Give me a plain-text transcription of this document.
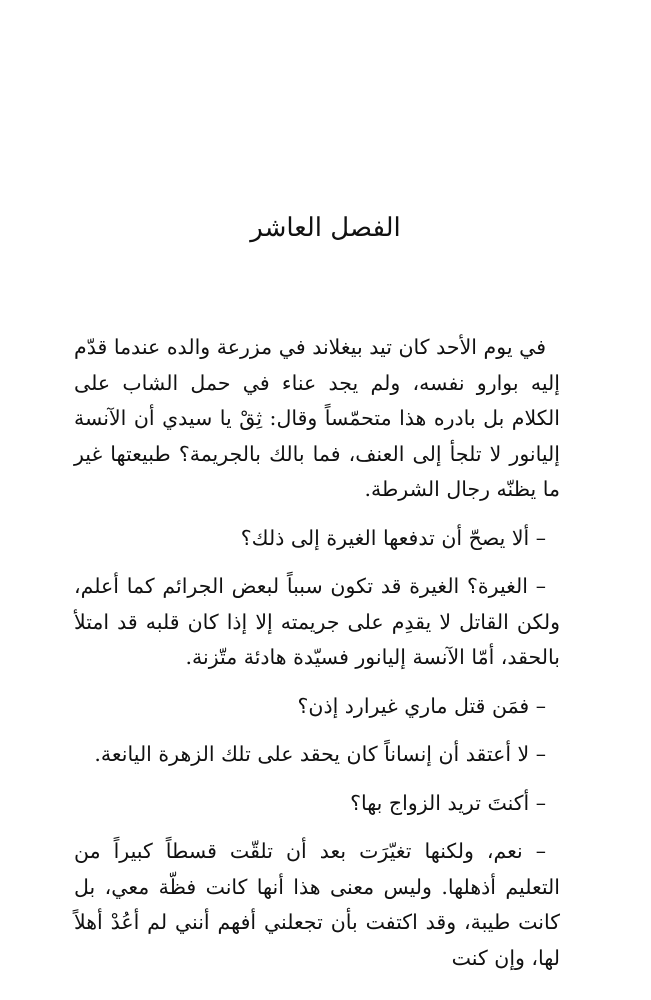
الفصل العاشر

في يوم الأحد كان تيد بيغلاند في مزرعة والده عندما قدّم إليه بوارو نفسه، ولم يجد عناء في حمل الشاب على الكلام بل بادره هذا متحمّساً وقال: ثِقْ يا سيدي أن الآنسة إليانور لا تلجأ إلى العنف، فما بالك بالجريمة؟ طبيعتها غير ما يظنّه رجال الشرطة.

– ألا يصحّ أن تدفعها الغيرة إلى ذلك؟

– الغيرة؟ الغيرة قد تكون سبباً لبعض الجرائم كما أعلم، ولكن القاتل لا يقدِم على جريمته إلا إذا كان قلبه قد امتلأ بالحقد، أمّا الآنسة إليانور فسيّدة هادئة متّزنة.

– فمَن قتل ماري غيرارد إذن؟

– لا أعتقد أن إنساناً كان يحقد على تلك الزهرة اليانعة.

– أكنتَ تريد الزواج بها؟

– نعم، ولكنها تغيّرَت بعد أن تلقّت قسطاً كبيراً من التعليم أذهلها. وليس معنى هذا أنها كانت فظّة معي، بل كانت طيبة، وقد اكتفت بأن تجعلني أفهم أنني لم أعُدْ أهلاً لها، وإن كنت
